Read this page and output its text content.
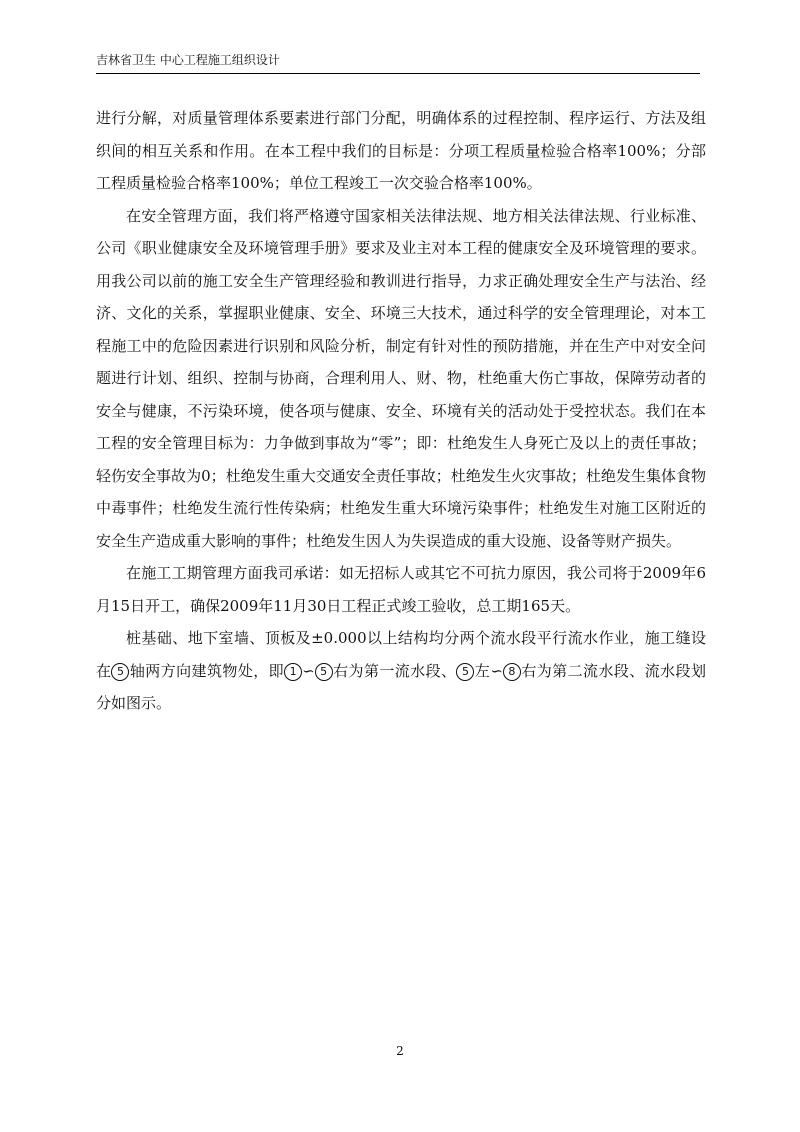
吉林省卫生 中心工程施工组织设计

进行分解，对质量管理体系要素进行部门分配，明确体系的过程控制、程序运行、方法及组织间的相互关系和作用。在本工程中我们的目标是：分项工程质量检验合格率100%；分部工程质量检验合格率100%；单位工程竣工一次交验合格率100%。

在安全管理方面，我们将严格遵守国家相关法律法规、地方相关法律法规、行业标准、公司《职业健康安全及环境管理手册》要求及业主对本工程的健康安全及环境管理的要求。用我公司以前的施工安全生产管理经验和教训进行指导，力求正确处理安全生产与法治、经济、文化的关系，掌握职业健康、安全、环境三大技术，通过科学的安全管理理论，对本工程施工中的危险因素进行识别和风险分析，制定有针对性的预防措施，并在生产中对安全问题进行计划、组织、控制与协商，合理利用人、财、物，杜绝重大伤亡事故，保障劳动者的安全与健康，不污染环境，使各项与健康、安全、环境有关的活动处于受控状态。我们在本工程的安全管理目标为：力争做到事故为“零”；即：杜绝发生人身死亡及以上的责任事故；轻伤安全事故为0；杜绝发生重大交通安全责任事故；杜绝发生火灾事故；杜绝发生集体食物中毒事件；杜绝发生流行性传染病；杜绝发生重大环境污染事件；杜绝发生对施工区附近的安全生产造成重大影响的事件；杜绝发生因人为失误造成的重大设施、设备等财产损失。

在施工工期管理方面我司承诺：如无招标人或其它不可抗力原因，我公司将于2009年6月15日开工，确保2009年11月30日工程正式竣工验收，总工期165天。

桩基础、地下室墙、顶板及±0.000以上结构均分两个流水段平行流水作业，施工缝设在 5 轴两方向建筑物处，即 1 ∽ 5 右为第一流水段、 5 左∽ 8 右为第二流水段、流水段划分如图示。

2
